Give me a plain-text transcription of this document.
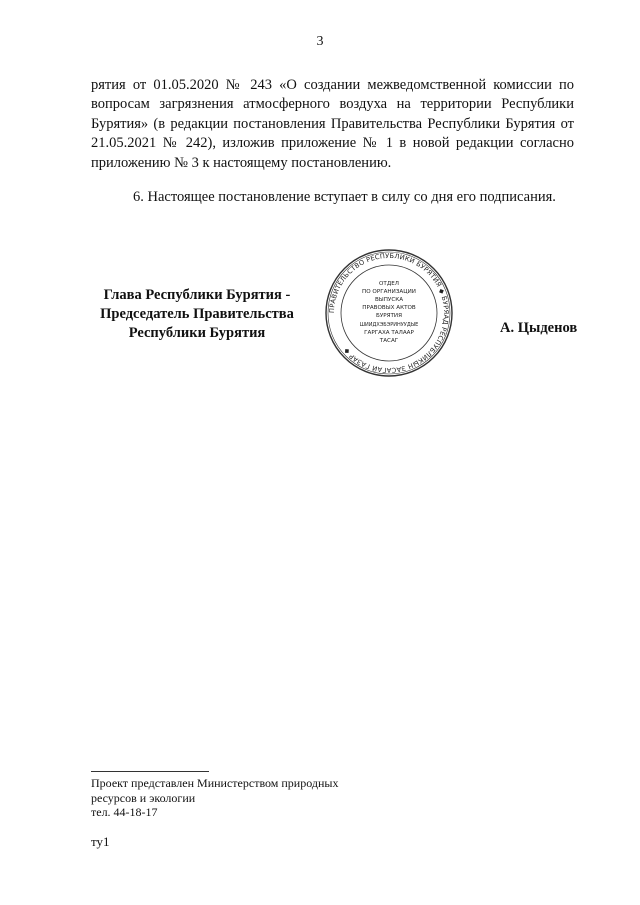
3

рятия от 01.05.2020 № 243 «О создании межведомственной комиссии по вопросам загрязнения атмосферного воздуха на территории Республики Бурятия» (в редакции постановления Правительства Республики Бурятия от 21.05.2021 № 242), изложив приложение № 1 в новой редакции согласно приложению № 3 к настоящему постановлению.

6. Настоящее постановление вступает в силу со дня его подписания.

Глава Республики Бурятия -
Председатель Правительства
Республики Бурятия
ПРАВИТЕЛЬСТВО РЕСПУБЛИКИ БУРЯТИЯ ◆ БУРЯАД РЕСПУБЛИКЫН ЗАСАГАЙ ГАЗАР ◆
ОТДЕЛ
ПО ОРГАНИЗАЦИИ
ВЫПУСКА
ПРАВОВЫХ АКТОВ
БУРЯТИЯ
ШИИДХЭБЭРИНУУДЫЕ
ГАРГАХА ТАЛААР
ТАСАГ
А. Цыденов
Проект представлен Министерством природных
ресурсов и экологии
тел. 44-18-17
ту1
